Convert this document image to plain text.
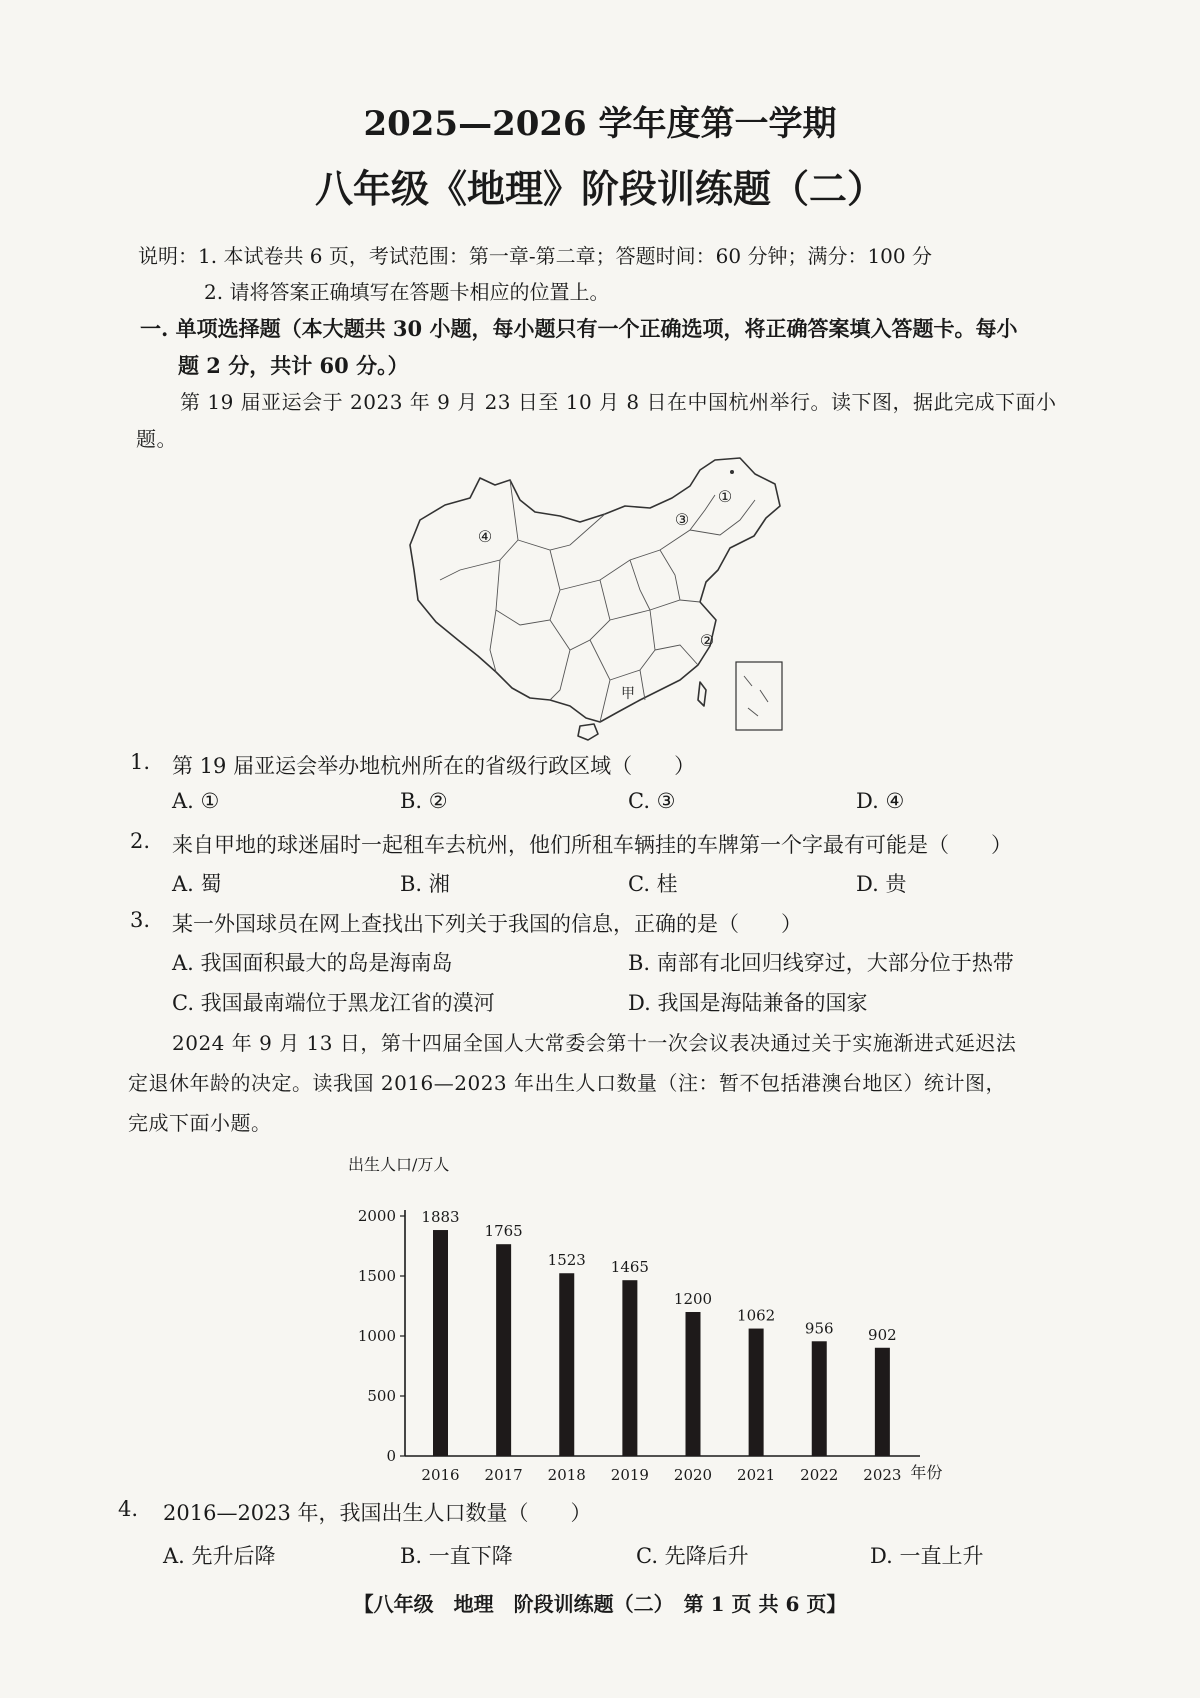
2025—2026 学年度第一学期
八年级《地理》阶段训练题（二）
说明：1. 本试卷共 6 页，考试范围：第一章-第二章；答题时间：60 分钟；满分：100 分
2. 请将答案正确填写在答题卡相应的位置上。
一. 单项选择题（本大题共 30 小题，每小题只有一个正确选项，将正确答案填入答题卡。每小
题 2 分，共计 60 分。）
第 19 届亚运会于 2023 年 9 月 23 日至 10 月 8 日在中国杭州举行。读下图，据此完成下面小
题。
①
②
③
④
甲
1. 第 19 届亚运会举办地杭州所在的省级行政区域（　　）
A. ①	B. ②	C. ③	D. ④
2. 来自甲地的球迷届时一起租车去杭州，他们所租车辆挂的车牌第一个字最有可能是（　　）
A. 蜀	B. 湘	C. 桂	D. 贵
3. 某一外国球员在网上查找出下列关于我国的信息，正确的是（　　）
A. 我国面积最大的岛是海南岛	B. 南部有北回归线穿过，大部分位于热带
C. 我国最南端位于黑龙江省的漠河	D. 我国是海陆兼备的国家
2024 年 9 月 13 日，第十四届全国人大常委会第十一次会议表决通过关于实施渐进式延迟法
定退休年龄的决定。读我国 2016—2023 年出生人口数量（注：暂不包括港澳台地区）统计图，
完成下面小题。
出生人口/万人
0
500
1000
1500
2000 1883
1765
1523 1465
1200
1062
956 902
2016 2017 2018 2019 2020 2021 2022 2023 年份
4. 2016—2023 年，我国出生人口数量（　　）
A. 先升后降	B. 一直下降	C. 先降后升	D. 一直上升
【八年级　地理　阶段训练题（二）　第 1 页 共 6 页】
